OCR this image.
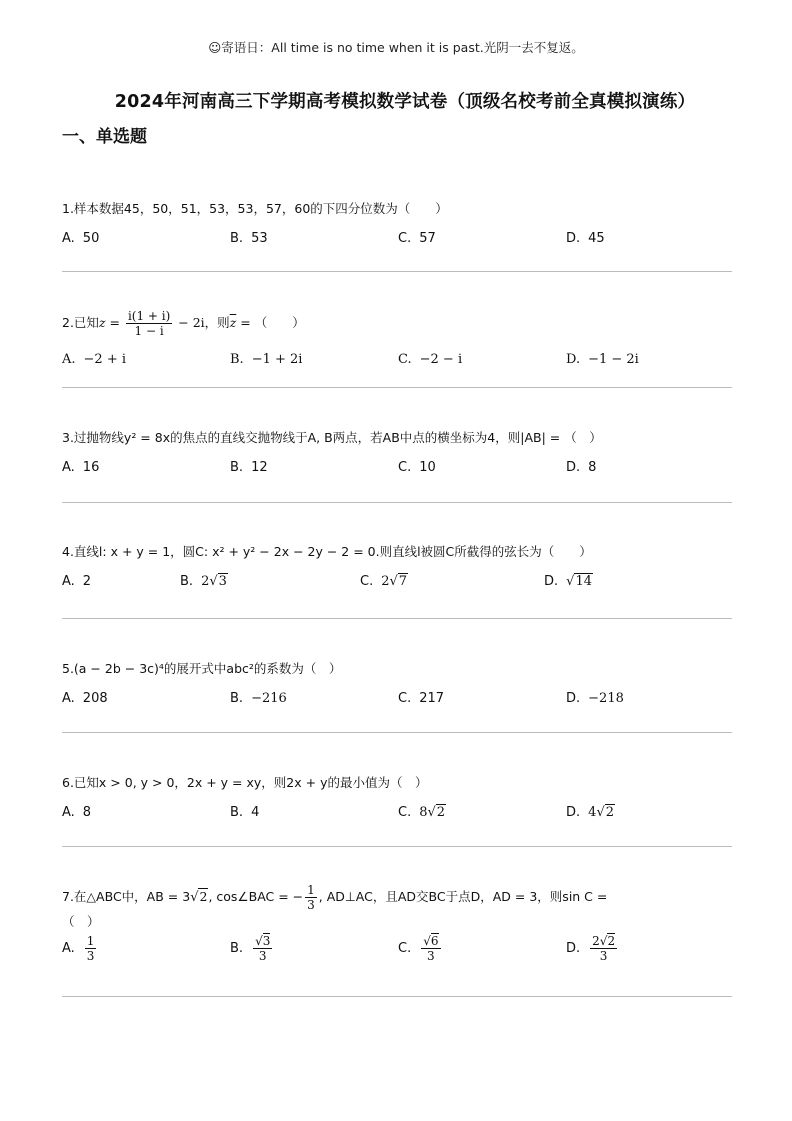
☺寄语日：All time is no time when it is past.光阴一去不复返。
2024年河南高三下学期高考模拟数学试卷（顶级名校考前全真模拟演练）
一、单选题
1.样本数据45，50，51，53，53，57，60的下四分位数为（　　）
A. 50	B. 53	C. 57	D. 45
2.已知 $z = \frac{i(1 + i)}{1 - i} - 2i$，则 $\overline{z}$ = （　　）
A. −2 + i	B. −1 + 2i	C. −2 − i	D. −1 − 2i
3.过抛物线y² = 8x的焦点的直线交抛物线于A, B两点，若AB中点的横坐标为4，则|AB| = （　）
A. 16	B. 12	C. 10	D. 8
4.直线l: x + y = 1，圆C: x² + y² − 2x − 2y − 2 = 0.则直线l被圆C所截得的弦长为（　　）
A. 2	B. 2√3	C. 2√7	D. √14
5.(a − 2b − 3c)⁴的展开式中abc²的系数为（　）
A. 208	B. −216	C. 217	D. −218
6.已知x > 0, y > 0，2x + y = xy，则2x + y的最小值为（　）
A. 8	B. 4	C. 8√2	D. 4√2
7.在△ABC中，AB = 3 √2 , cos∠BAC = − $\frac{1}{3}$ , AD⊥AC，且AD交BC于点D，AD = 3，则sin C =
（　）
A. $\frac{1}{3}$	B. $\frac{√3}{3}$	C. $\frac{√6}{3}$	D. $\frac{2√2}{3}$
